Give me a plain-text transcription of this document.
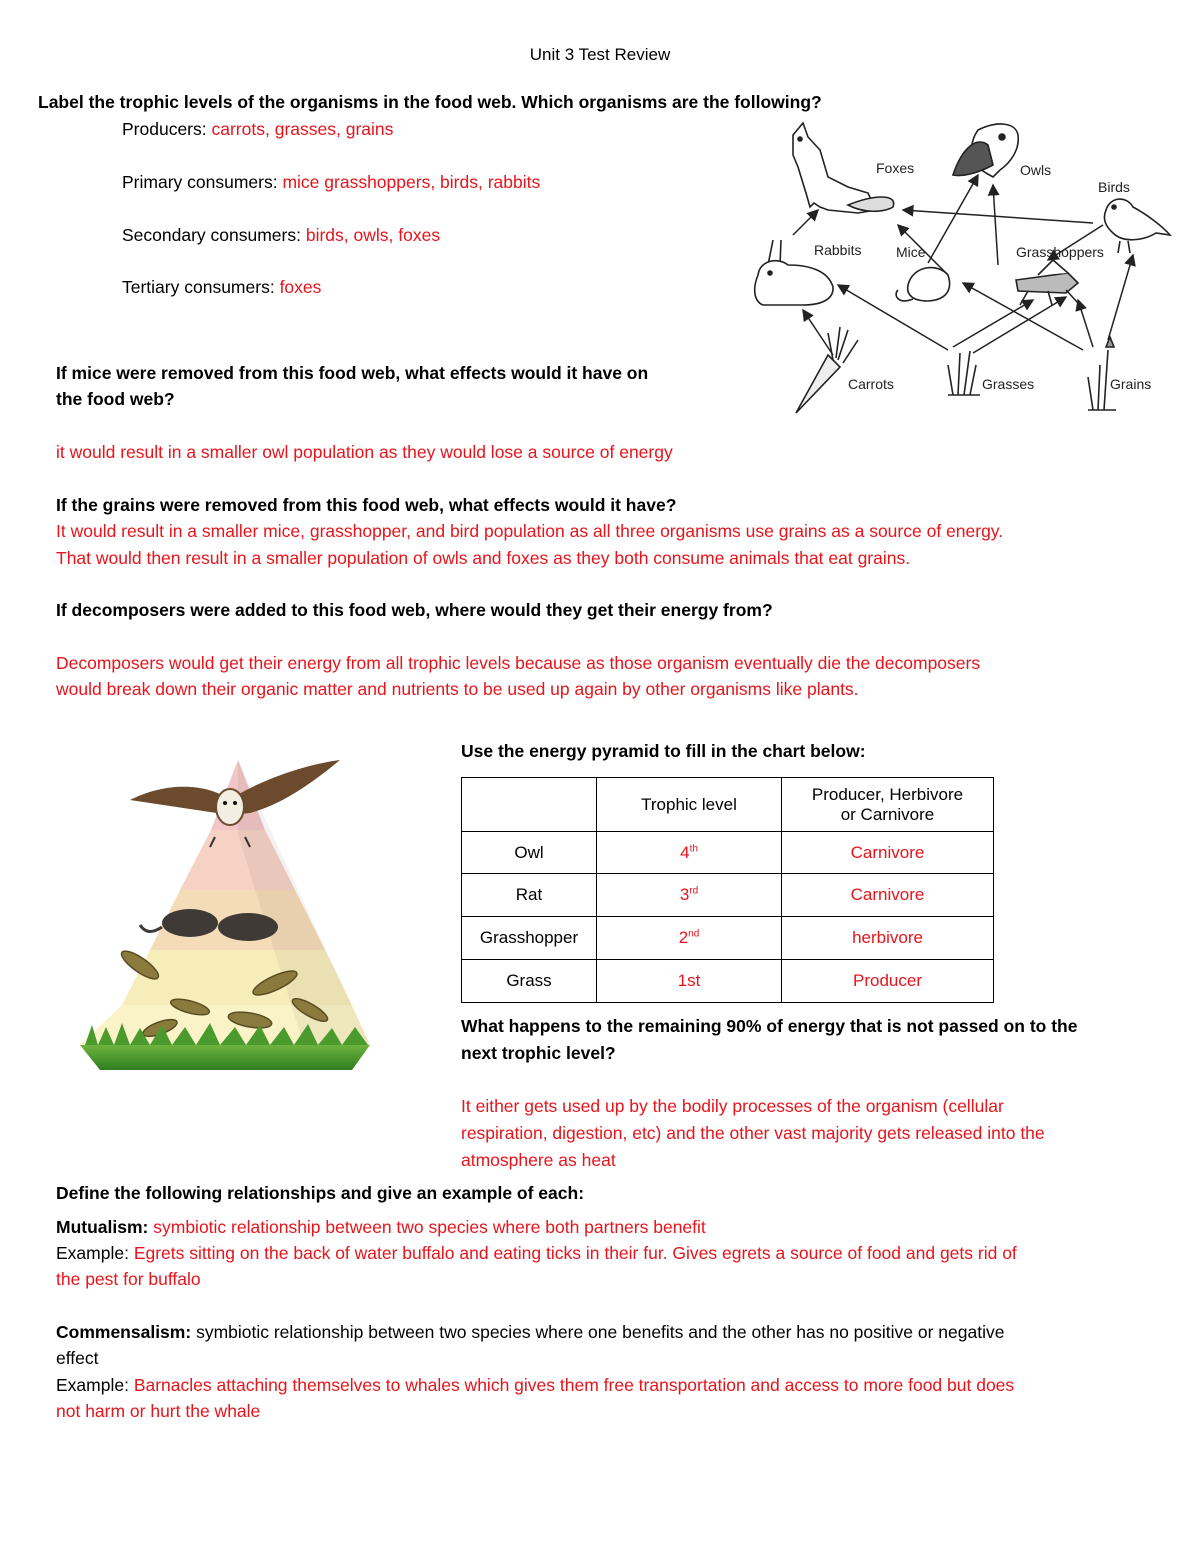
Unit 3 Test Review
Label the trophic levels of the organisms in the food web. Which organisms are the following?
Producers: carrots, grasses, grains
Primary consumers: mice grasshoppers, birds, rabbits
Secondary consumers: birds, owls, foxes
Tertiary consumers: foxes
Foxes	Owls
Birds
Rabbits Mice	Grasshoppers
Carrots	Grasses	Grains
If mice were removed from this food web, what effects would it have on
the food web?
it would result in a smaller owl population as they would lose a source of energy
If the grains were removed from this food web, what effects would it have?
It would result in a smaller mice, grasshopper, and bird population as all three organisms use grains as a source of energy.
That would then result in a smaller population of owls and foxes as they both consume animals that eat grains.
If decomposers were added to this food web, where would they get their energy from?
Decomposers would get their energy from all trophic levels because as those organism eventually die the decomposers
would break down their organic matter and nutrients to be used up again by other organisms like plants.
Use the energy pyramid to fill in the chart below:
	Trophic level	Producer, Herbivore
or Carnivore

Owl	4th	Carnivore
Rat	3rd	Carnivore
Grasshopper	2nd	herbivore
Grass	1st	Producer
What happens to the remaining 90% of energy that is not passed on to the
next trophic level?
It either gets used up by the bodily processes of the organism (cellular
respiration, digestion, etc) and the other vast majority gets released into the
atmosphere as heat
Define the following relationships and give an example of each:
Mutualism: symbiotic relationship between two species where both partners benefit
Example: Egrets sitting on the back of water buffalo and eating ticks in their fur. Gives egrets a source of food and gets rid of
the pest for buffalo
Commensalism: symbiotic relationship between two species where one benefits and the other has no positive or negative
effect
Example: Barnacles attaching themselves to whales which gives them free transportation and access to more food but does
not harm or hurt the whale
